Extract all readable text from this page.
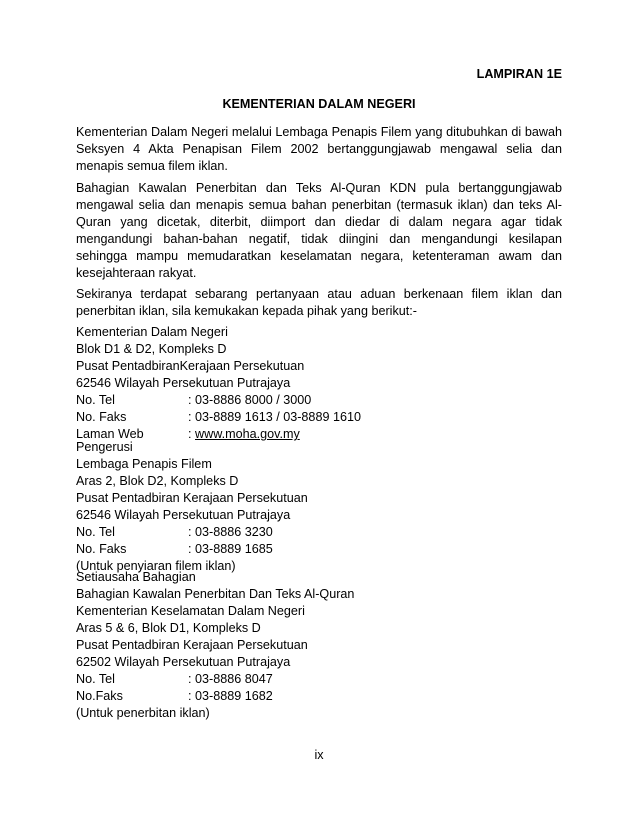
LAMPIRAN 1E
KEMENTERIAN DALAM NEGERI
Kementerian Dalam Negeri melalui Lembaga Penapis Filem yang ditubuhkan di bawah Seksyen 4 Akta Penapisan Filem 2002 bertanggungjawab mengawal selia dan menapis semua filem iklan.
Bahagian Kawalan Penerbitan dan Teks Al-Quran KDN pula bertanggungjawab mengawal selia dan menapis semua bahan penerbitan (termasuk iklan) dan teks Al-Quran yang dicetak, diterbit, diimport dan diedar di dalam negara agar tidak mengandungi bahan-bahan negatif, tidak diingini dan mengandungi kesilapan sehingga mampu memudaratkan keselamatan negara, ketenteraman awam dan kesejahteraan rakyat.
Sekiranya terdapat sebarang pertanyaan atau aduan berkenaan filem iklan dan penerbitan iklan, sila kemukakan kepada pihak yang berikut:-
Kementerian Dalam Negeri
Blok D1 & D2, Kompleks D
Pusat PentadbiranKerajaan Persekutuan
62546 Wilayah Persekutuan Putrajaya
No. Tel	: 03-8886 8000 / 3000
No. Faks	: 03-8889 1613 / 03-8889 1610
Laman Web	: www.moha.gov.my
Pengerusi
Lembaga Penapis Filem
Aras 2, Blok D2, Kompleks D
Pusat Pentadbiran Kerajaan Persekutuan
62546 Wilayah Persekutuan Putrajaya
No. Tel	: 03-8886 3230
No. Faks	: 03-8889 1685
(Untuk penyiaran filem iklan)
Setiausaha Bahagian
Bahagian Kawalan Penerbitan Dan Teks Al-Quran
Kementerian Keselamatan Dalam Negeri
Aras 5 & 6, Blok D1, Kompleks D
Pusat Pentadbiran Kerajaan Persekutuan
62502 Wilayah Persekutuan Putrajaya
No. Tel	: 03-8886 8047
No.Faks	: 03-8889 1682
(Untuk penerbitan iklan)
ix
